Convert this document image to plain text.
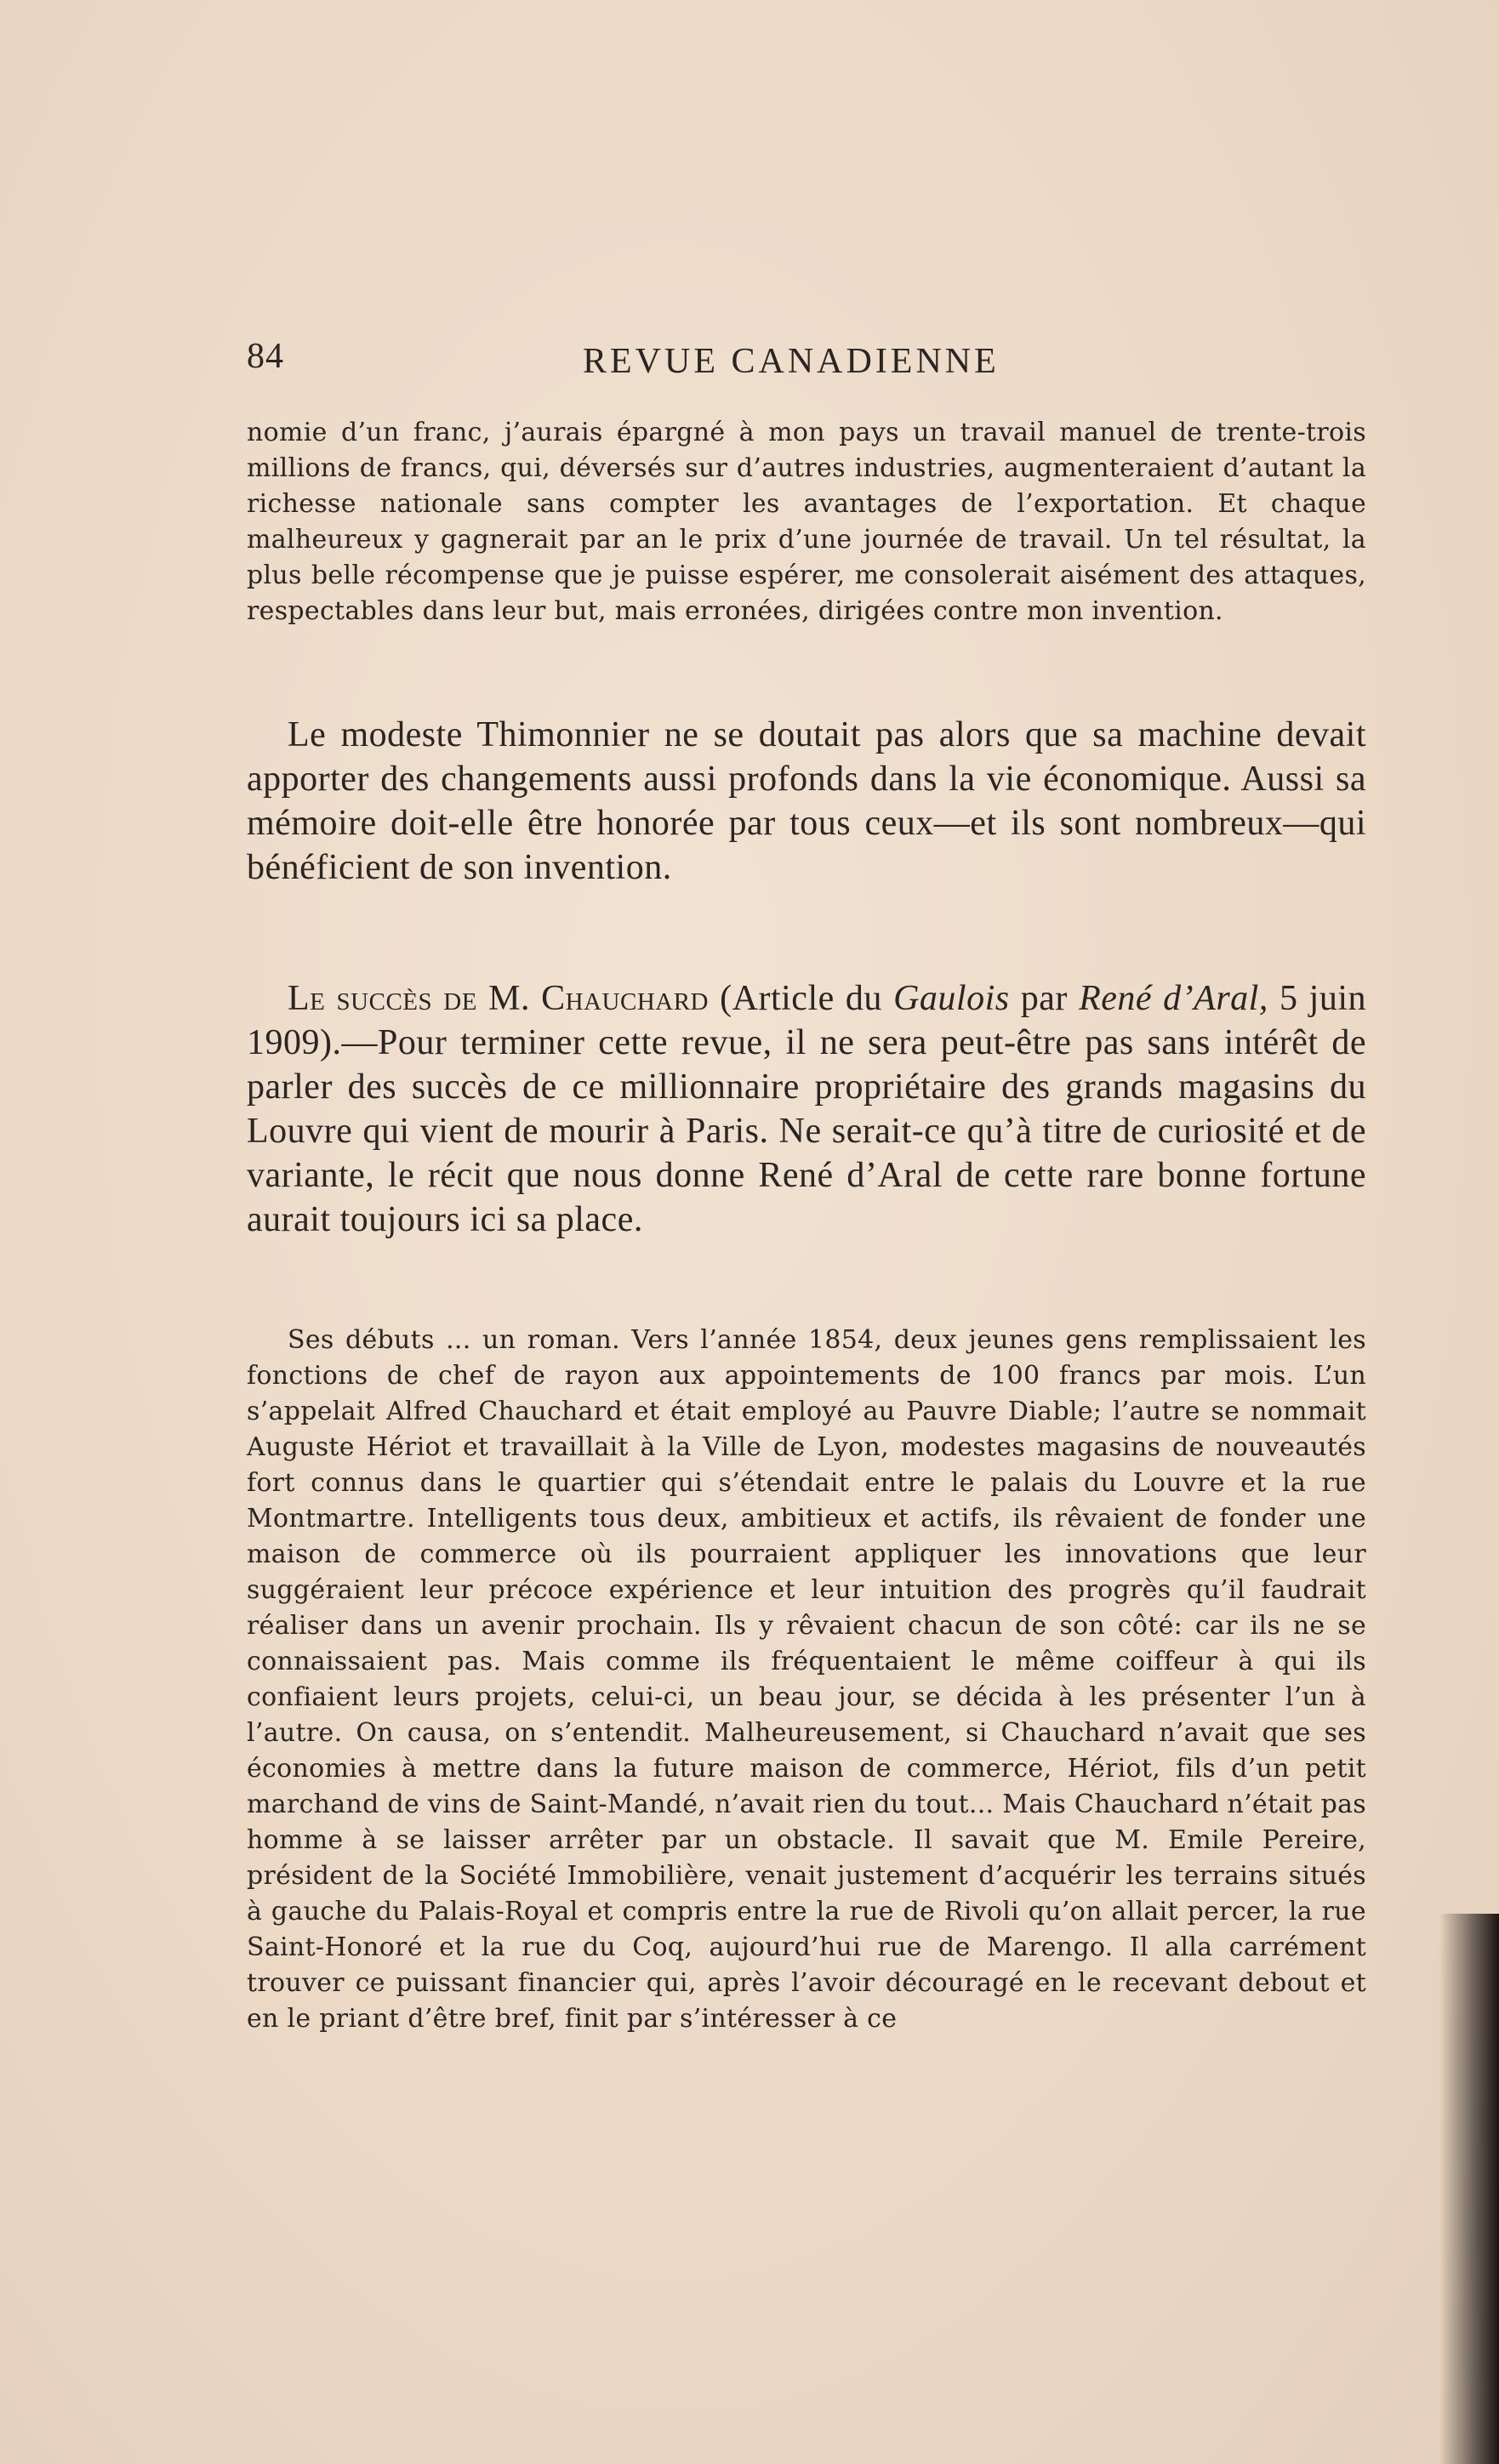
84	REVUE CANADIENNE

nomie d’un franc, j’aurais épargné à mon pays un travail manuel de trente-trois millions de francs, qui, déversés sur d’autres industries, augmenteraient d’autant la richesse nationale sans compter les avantages de l’exportation. Et chaque malheureux y gagnerait par an le prix d’une journée de travail. Un tel résultat, la plus belle récompense que je puisse espérer, me consolerait aisément des attaques, respectables dans leur but, mais erronées, dirigées contre mon invention.

Le modeste Thimonnier ne se doutait pas alors que sa machine devait apporter des changements aussi profonds dans la vie économique. Aussi sa mémoire doit-elle être honorée par tous ceux—et ils sont nombreux—qui bénéficient de son invention.

Le succès de M. Chauchard (Article du Gaulois par René d’Aral, 5 juin 1909).—Pour terminer cette revue, il ne sera peut-être pas sans intérêt de parler des succès de ce millionnaire propriétaire des grands magasins du Louvre qui vient de mourir à Paris. Ne serait-ce qu’à titre de curiosité et de variante, le récit que nous donne René d’Aral de cette rare bonne fortune aurait toujours ici sa place.

Ses débuts ... un roman. Vers l’année 1854, deux jeunes gens remplissaient les fonctions de chef de rayon aux appointements de 100 francs par mois. L’un s’appelait Alfred Chauchard et était employé au Pauvre Diable; l’autre se nommait Auguste Hériot et travaillait à la Ville de Lyon, modestes magasins de nouveautés fort connus dans le quartier qui s’étendait entre le palais du Louvre et la rue Montmartre. Intelligents tous deux, ambitieux et actifs, ils rêvaient de fonder une maison de commerce où ils pourraient appliquer les innovations que leur suggéraient leur précoce expérience et leur intuition des progrès qu’il faudrait réaliser dans un avenir prochain. Ils y rêvaient chacun de son côté: car ils ne se connaissaient pas. Mais comme ils fréquentaient le même coiffeur à qui ils confiaient leurs projets, celui-ci, un beau jour, se décida à les présenter l’un à l’autre. On causa, on s’entendit. Malheureusement, si Chauchard n’avait que ses économies à mettre dans la future maison de commerce, Hériot, fils d’un petit marchand de vins de Saint-Mandé, n’avait rien du tout... Mais Chauchard n’était pas homme à se laisser arrêter par un obstacle. Il savait que M. Emile Pereire, président de la Société Immobilière, venait justement d’acquérir les terrains situés à gauche du Palais-Royal et compris entre la rue de Rivoli qu’on allait percer, la rue Saint-Honoré et la rue du Coq, aujourd’hui rue de Marengo. Il alla carrément trouver ce puissant financier qui, après l’avoir découragé en le recevant debout et en le priant d’être bref, finit par s’intéresser à ce
